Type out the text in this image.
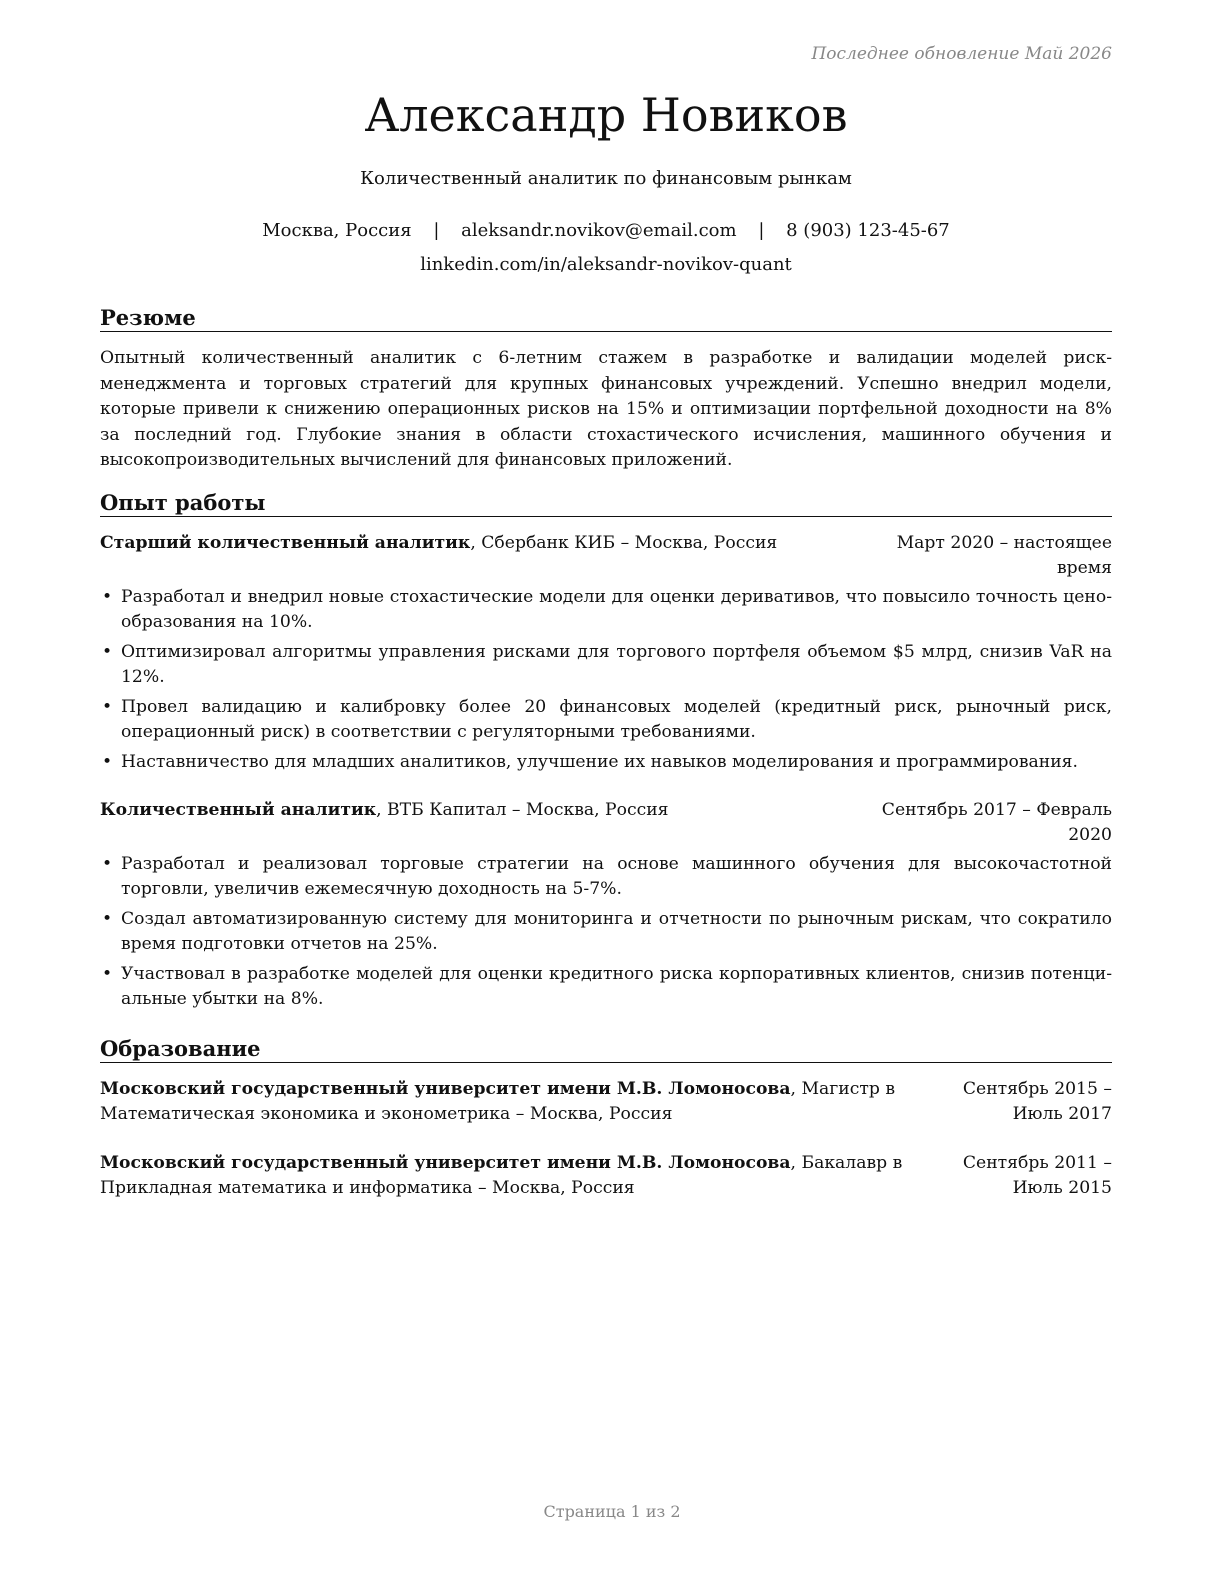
Последнее обновление Май 2026
Александр Новиков
Количественный аналитик по финансовым рынкам
Москва, Россия | aleksandr.novikov@email.com | 8 (903) 123-45-67
linkedin.com/in/aleksandr-novikov-quant
Резюме

Опытный количественный аналитик с 6-летним стажем в разработке и валидации моделей риск-менеджмента и торговых стратегий для крупных финансовых учреждений. Успешно внедрил модели, которые привели к снижению операционных рисков на 15% и оптимизации портфельной доходности на 8% за последний год. Глубокие знания в области стохастического исчисления, машинного обучения и высокопроизводительных вычислений для финансовых приложений.

Опыт работы
Старший количественный аналитик, Сбербанк КИБ – Москва, Россия	Март 2020 – настоящее время
• Разработал и внедрил новые стохастические модели для оценки деривативов, что повысило точность ценообразования на 10%.
• Оптимизировал алгоритмы управления рисками для торгового портфеля объемом $5 млрд, снизив VaR на 12%.
• Провел валидацию и калибровку более 20 финансовых моделей (кредитный риск, рыночный риск, операционный риск) в соответствии с регуляторными требованиями.
• Наставничество для младших аналитиков, улучшение их навыков моделирования и программирования.
Количественный аналитик, ВТБ Капитал – Москва, Россия	Сентябрь 2017 – Февраль 2020
• Разработал и реализовал торговые стратегии на основе машинного обучения для высокочастотной торговли, увеличив ежемесячную доходность на 5-7%.
• Создал автоматизированную систему для мониторинга и отчетности по рыночным рискам, что сократило время подготовки отчетов на 25%.
• Участвовал в разработке моделей для оценки кредитного риска корпоративных клиентов, снизив потенциальные убытки на 8%.
Образование
Московский государственный университет имени М.В. Ломоносова, Магистр в Математическая экономика и эконометрика – Москва, Россия
Сентябрь 2015 – Июль 2017
Московский государственный университет имени М.В. Ломоносова, Бакалавр в Прикладная математика и информатика – Москва, Россия
Сентябрь 2011 – Июль 2015
Страница 1 из 2
